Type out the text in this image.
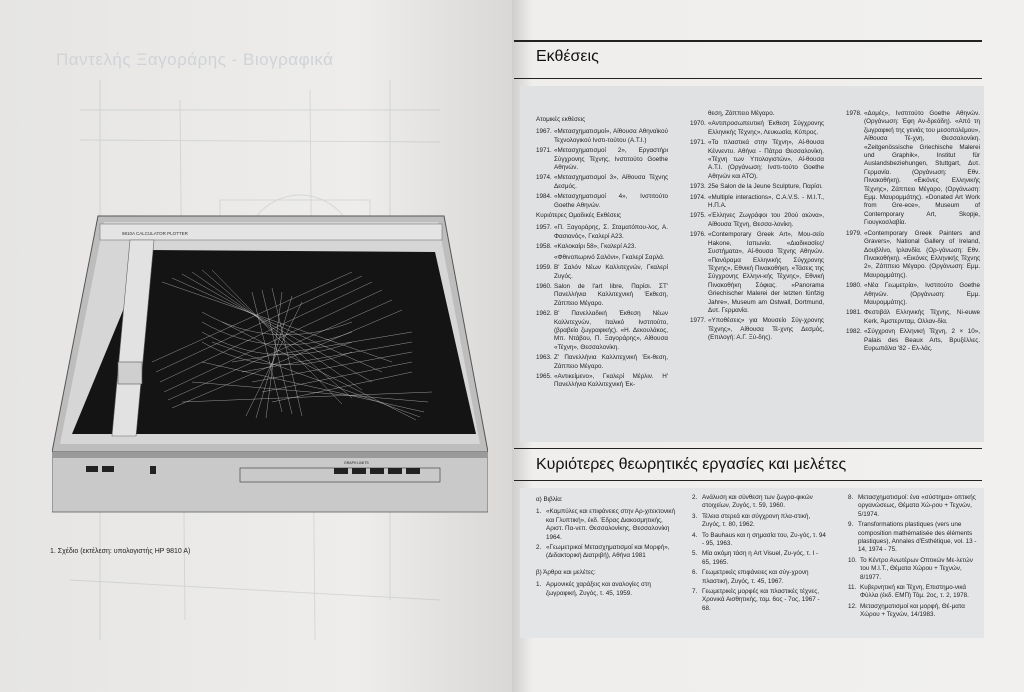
Παντελής Ξαγοράρης - Βιογραφικά
9810A CALCULATOR PLOTTER
GRAPH LIMITS
1. Σχέδιο (εκτέλεση: υπολογιστής HP 9810 A)
Εκθέσεις
Ατομικές εκθέσεις
1967. «Μετασχηματισμοί», Αίθουσα Αθηναϊκού Τεχνολογικού Ινστι-τούτου (Α.Τ.Ι.)
1971. «Μετασχηματισμοί 2», Εργαστήρι Σύγχρονης Τέχνης, Ινστιτούτο Goethe Αθηνών.
1974. «Μετασχηματισμοί 3», Αίθουσα Τέχνης Δεσμός.
1984. «Μετασχηματισμοί 4», Ινστιτούτο Goethe Αθηνών.
Κυριότερες Ομαδικές Εκθέσεις
1957. «Π. Ξαγοράρης, Σ. Σταματόπου-λος, Α. Φασιανός», Γκαλερί Α23.
1958. «Καλοκαίρι 58», Γκαλερί Α23.
«Φθινοπωρινό Σαλόνι», Γκαλερί Σαρλά.
1959. Β' Σαλόν Νέων Καλλιτεχνών, Γκαλερί Ζυγός.
1960. Salon de l'art libre, Παρίσι. ΣΤ' Πανελλήνια Καλλιτεχνική Έκθεση, Ζάππειο Μέγαρο.
1962. Β' Πανελλαδική Έκθεση Νέων Καλλιτεχνών, Ιταλικό Ινστιτούτο, (βραβείο ζωγραφικής). «Η. Δεκουλάκος, Μπ. Ντάβου, Π. Ξαγοράρης», Αίθουσα «Τέχνη», Θεσσαλονίκη.
1963. Ζ' Πανελλήνια Καλλιτεχνική Έκ-θεση, Ζάππειο Μέγαρο.
1965. «Αντικείμενο», Γκαλερί Μέρλιν. Η' Πανελλήνια Καλλιτεχνική Έκ-
θεση, Ζάππειο Μέγαρο.
1970. «Αντιπροσωπευτική Έκθεση Σύγχρονης Ελληνικής Τέχνης», Λευκωσία, Κύπρος.
1971. «Τα πλαστικά στην Τέχνη», Αί-θουσα Κέννεντυ. Αθήνα - Πάτρα Θεσσαλονίκη. «Τέχνη των Υπολογιστών», Αί-θουσα Α.Τ.Ι. (Οργάνωση: Ινστι-τούτο Goethe Αθηνών και ΑΤΟ).
1973. 25e Salon de la Jeune Sculpture, Παρίσι.
1974. «Multiple interactions», C.A.V.S. - M.I.T., Η.Π.Α.
1975. «Έλληνες Ζωγράφοι του 20ού αιώνα», Αίθουσα Τέχνη, Θεσσα-λονίκη.
1976. «Contemporary Greek Art», Μου-σείο Hakone, Ιαπωνία. «Διαδικασίες/Συστήματα», Αί-θουσα Τέχνης Αθηνών. «Πανόραμα Ελληνικής Σύγχρονης Τέχνης», Εθνική Πινακοθήκη. «Τάσεις της Σύγχρονης Ελληνι-κής Τέχνης», Εθνική Πινακοθήκη Σόφιας. «Panorama Griechischer Malerei der letzten fünfzig Jahre», Museum am Ostwall, Dortmund, Δυτ. Γερμανία.
1977. «Υποθέσεις» για Μουσείο Σύγ-χρονης Τέχνης», Αίθουσα Τέ-χνης Δεσμός, (Επιλογή: Α.Γ. Ξύ-δης).
1978. «Δομές», Ινστιτούτο Goethe Αθηνών. (Οργάνωση: Έφη Αν-δρεάδη). «Από τη ζωγραφική της γενιάς του μεσοπολέμου», Αίθουσα Τέ-χνη, Θεσσαλονίκη. «Zeitgenössische Griechische Malerei und Graphik», Institut für Auslandsbeziehungen, Stuttgart, Δυτ. Γερμανία. (Οργάνωση: Εθν. Πινακοθήκη). «Εικόνες Ελληνικής Τέχνης», Ζάππειο Μέγαρο, (Οργάνωση: Εμμ. Μαυρομμάτης). «Donated Art Work from Gre-ece», Museum of Contemporary Art, Skopje, Γιουγκοσλαβία.
1979. «Contemporary Greek Painters and Gravers», National Gallery of Ireland, Δουβλίνο, Ιρλανδία. (Ορ-γάνωση: Εθν. Πινακοθήκη). «Εικόνες Ελληνικής Τέχνης 2», Ζάππειο Μέγαρο. (Οργάνωση: Εμμ. Μαυρομμάτης).
1980. «Νέα Γεωμετρία», Ινστιτούτο Goethe Αθηνών. (Οργάνωση: Εμμ. Μαυρομμάτης).
1981. Φεστιβάλ Ελληνικής Τέχνης, Ni-euwe Kerk, Άμστερνταμ, Ολλαν-δία.
1982. «Σύγχρονη Ελληνική Τέχνη, 2 × 10», Palais des Beaux Arts, Βρυξέλλες. Ευρωπάλια '82 - Ελ-λάς.
Κυριότερες θεωρητικές εργασίες και μελέτες
α) Βιβλία:
1. «Καμπύλες και επιφάνειες στην Αρ-χιτεκτονική και Γλυπτική», έκδ. Έδρας Διακοσμητικής, Αριστ. Πα-νεπ. Θεσσαλονίκης, Θεσσαλονίκη 1964.
2. «Γεωμετρικοί Μετασχηματισμοί και Μορφή», (Διδακτορική Διατριβή), Αθήνα 1981
β) Άρθρα και μελέτες:
1. Αρμονικές χαράξεις και αναλογίες στη ζωγραφική, Ζυγός, τ. 45, 1959.
2. Ανάλυση και σύνθεση των ζωγρα-φικών στοιχείων, Ζυγός, τ. 59, 1960.
3. Τέλεια στερεά και σύγχρονη πλα-στική, Ζυγός, τ. 80, 1962.
4. Το Bauhaus και η σημασία του, Ζυ-γός, τ. 94 - 95, 1963.
5. Μία ακόμη τάση η Art Visuel, Ζυ-γός, τ. Ι - 65, 1965.
6. Γεωμετρικές επιφάνειες και σύγ-χρονη πλαστική, Ζυγός, τ. 45, 1967.
7. Γεωμετρικές μορφές και πλαστικές τέχνες, Χρονικά Αισθητικής, τομ. 6ος - 7ος, 1967 - 68.
8. Μετασχηματισμοί: ένα «σύστημα» οπτικής οργανώσεως, Θέματα Χώ-ρου + Τεχνών, 5/1974.
9. Transformations plastiques (vers une composition mathématisée des éléments plastiques), Annales d'Esthétique, vol. 13 - 14, 1974 - 75.
10. Το Κέντρο Ανωτέρων Οπτικών Με-λετών του Μ.Ι.Τ., Θέματα Χώρου + Τεχνών, 8/1977.
11. Κυβερνητική και Τέχνη, Επιστημο-νικά Φύλλα (έκδ. ΕΜΠ) Τόμ. 2ος, τ. 2, 1978.
12. Μετασχηματισμοί και μορφή, Θέ-ματα Χώρου + Τεχνών, 14/1983.
